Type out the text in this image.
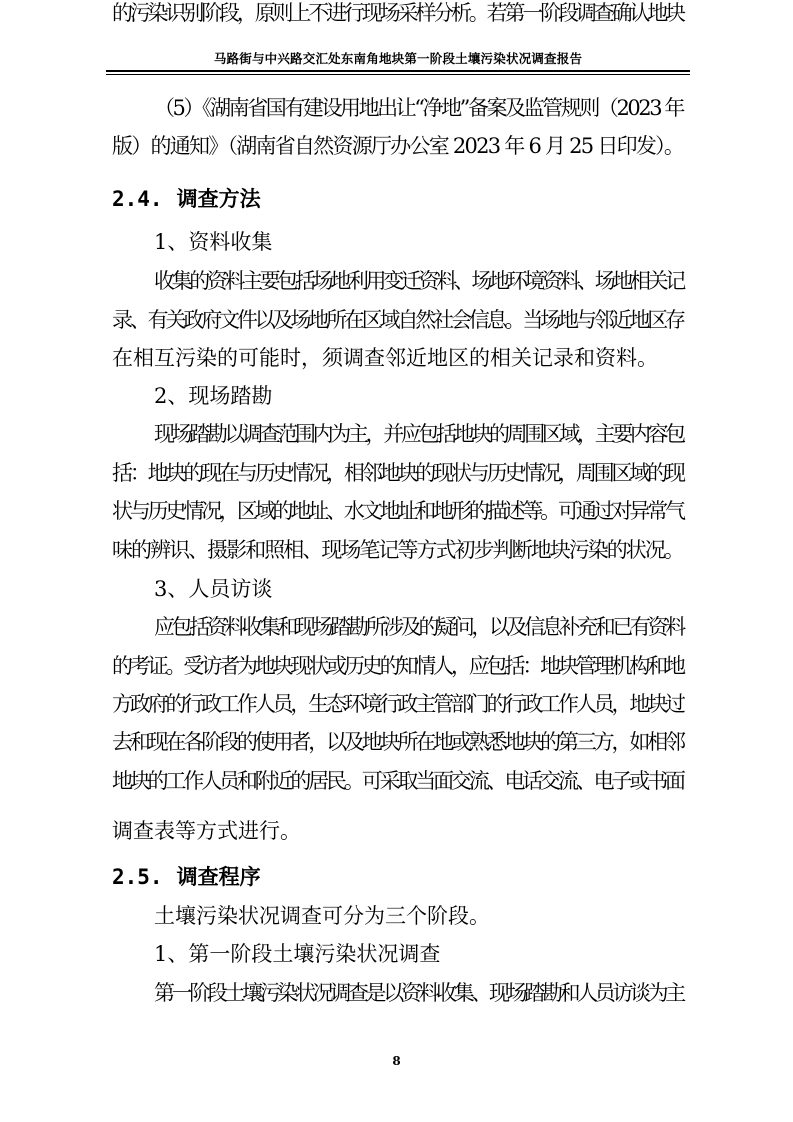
马路街与中兴路交汇处东南角地块第一阶段土壤污染状况调查报告
（5）《湖南省国有建设用地出让“净地”备案及监管规则（2023 年
版）的通知》（湖南省自然资源厅办公室 2023 年 6 月 25 日印发）。
2.4. 调查方法
1、资料收集
收集的资料主要包括场地利用变迁资料、场地环境资料、场地相关记
录、有关政府文件以及场地所在区域自然社会信息。当场地与邻近地区存
在相互污染的可能时，须调查邻近地区的相关记录和资料。
2、现场踏勘
现场踏勘以调查范围内为主，并应包括地块的周围区域，主要内容包
括：地块的现在与历史情况，相邻地块的现状与历史情况，周围区域的现
状与历史情况，区域的地址、水文地址和地形的描述等。可通过对异常气
味的辨识、摄影和照相、现场笔记等方式初步判断地块污染的状况。
3、人员访谈
应包括资料收集和现场踏勘所涉及的疑问，以及信息补充和已有资料
的考证。受访者为地块现状或历史的知情人，应包括：地块管理机构和地
方政府的行政工作人员，生态环境行政主管部门的行政工作人员，地块过
去和现在各阶段的使用者，以及地块所在地或熟悉地块的第三方，如相邻
地块的工作人员和附近的居民。可采取当面交流、电话交流、电子或书面
调查表等方式进行。
2.5. 调查程序
土壤污染状况调查可分为三个阶段。
1、第一阶段土壤污染状况调查
第一阶段土壤污染状况调查是以资料收集、现场踏勘和人员访谈为主
的污染识别阶段，原则上不进行现场采样分析。若第一阶段调查确认地块
8
